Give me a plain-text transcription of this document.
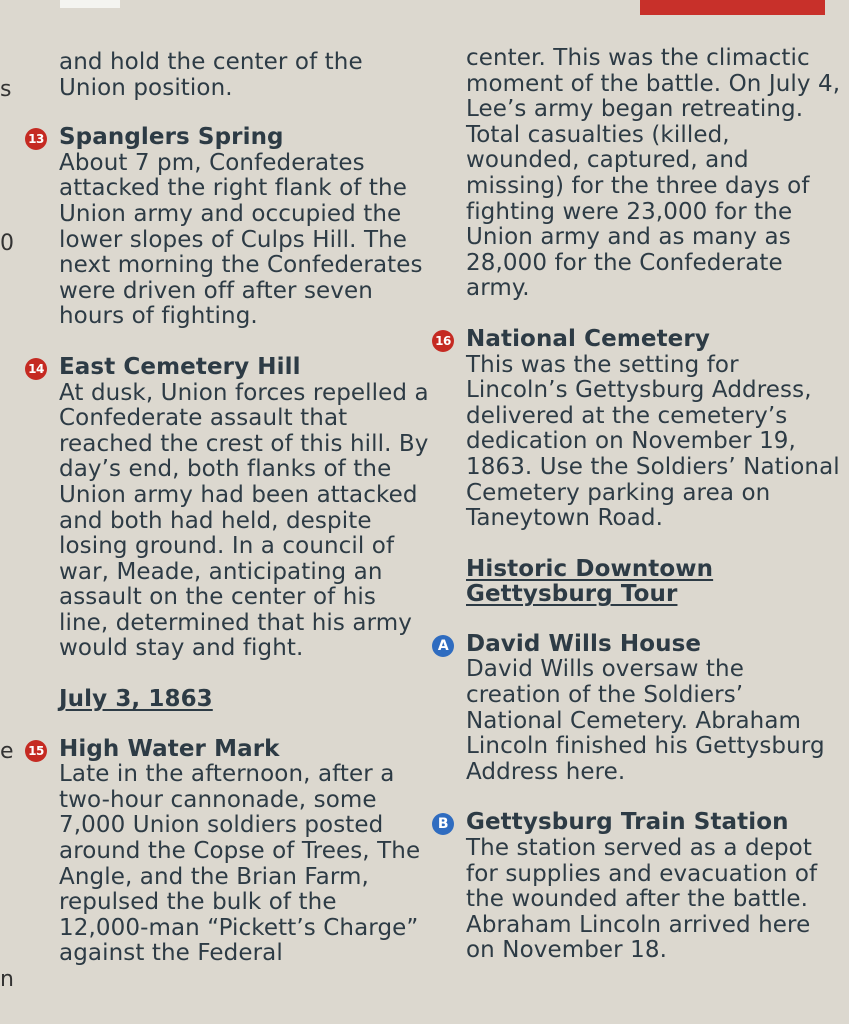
s
0
e
n

and hold the center of the Union position.

13 Spanglers Spring

About 7 pm, Confederates attacked the right flank of the Union army and occupied the lower slopes of Culps Hill. The next morning the Confederates were driven off after seven hours of fighting.

14 East Cemetery Hill

At dusk, Union forces repelled a Confederate assault that reached the crest of this hill. By day’s end, both flanks of the Union army had been attacked and both had held, despite losing ground. In a council of war, Meade, anticipating an assault on the center of his line, determined that his army would stay and fight.

July 3, 1863

15 High Water Mark

Late in the afternoon, after a two-hour cannonade, some 7,000 Union soldiers posted around the Copse of Trees, The Angle, and the Brian Farm, repulsed the bulk of the 12,000-man “Pickett’s Charge” against the Federal

center. This was the climactic moment of the battle. On July 4, Lee’s army began retreating. Total casualties (killed, wounded, captured, and missing) for the three days of fighting were 23,000 for the Union army and as many as 28,000 for the Confederate army.

16 National Cemetery

This was the setting for Lincoln’s Gettysburg Address, delivered at the cemetery’s dedication on November 19, 1863. Use the Soldiers’ National Cemetery parking area on Taneytown Road.

Historic Downtown
Gettysburg Tour

A David Wills House

David Wills oversaw the creation of the Soldiers’ National Cemetery. Abraham Lincoln finished his Gettysburg Address here.

B Gettysburg Train Station

The station served as a depot for supplies and evacuation of the wounded after the battle. Abraham Lincoln arrived here on November 18.
